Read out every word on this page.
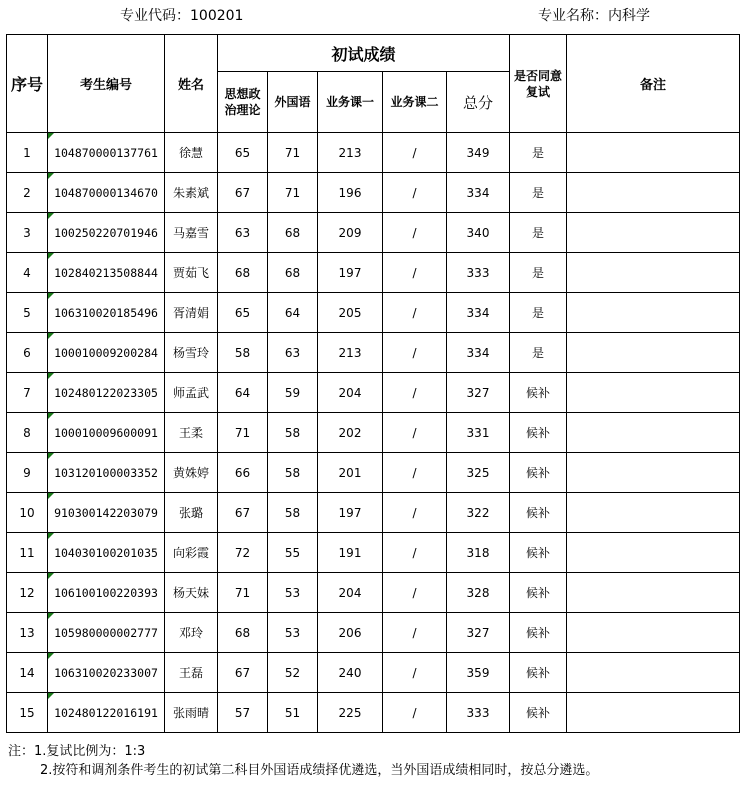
专业代码：100201	专业名称：内科学
序号	考生编号	姓名	初试成绩					是否同意复试	备注
			思想政治理论	外国语	业务课一	业务课二	总分		
1	104870000137761	徐慧	65	71	213	/	349	是	
2	104870000134670	朱素斌	67	71	196	/	334	是	
3	100250220701946	马嘉雪	63	68	209	/	340	是	
4	102840213508844	贾茹飞	68	68	197	/	333	是	
5	106310020185496	胥清娟	65	64	205	/	334	是	
6	100010009200284	杨雪玲	58	63	213	/	334	是	
7	102480122023305	师孟武	64	59	204	/	327	候补	
8	100010009600091	王柔	71	58	202	/	331	候补	
9	103120100003352	黄姝婷	66	58	201	/	325	候补	
10	910300142203079	张璐	67	58	197	/	322	候补	
11	104030100201035	向彩霞	72	55	191	/	318	候补	
12	106100100220393	杨天妹	71	53	204	/	328	候补	
13	105980000002777	邓玲	68	53	206	/	327	候补	
14	106310020233007	王磊	67	52	240	/	359	候补	
15	102480122016191	张雨晴	57	51	225	/	333	候补	
注：1.复试比例为：1:3
2.按符和调剂条件考生的初试第二科目外国语成绩择优遴选，当外国语成绩相同时，按总分遴选。
